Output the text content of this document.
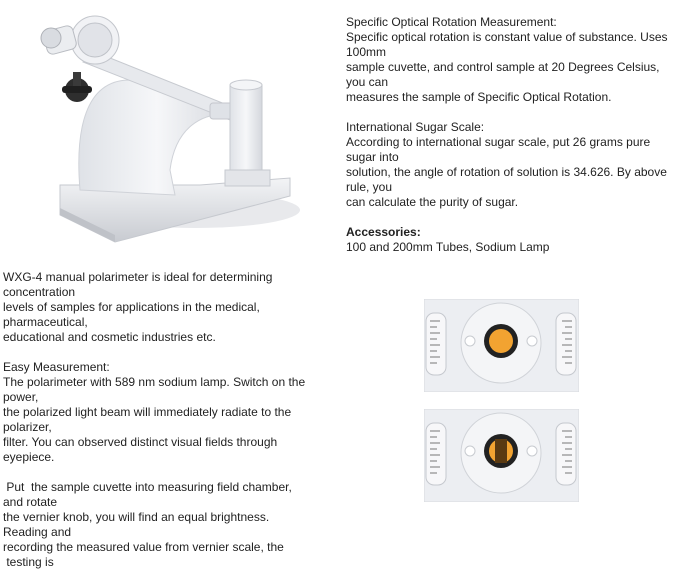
Specific Optical Rotation Measurement:
Specific optical rotation is constant value of substance. Uses
100mm
sample cuvette, and control sample at 20 Degrees Celsius,
you can
measures the sample of Specific Optical Rotation.

International Sugar Scale:
According to international sugar scale, put 26 grams pure
sugar into
solution, the angle of rotation of solution is 34.626. By above
rule, you
can calculate the purity of sugar.

Accessories:
100 and 200mm Tubes, Sodium Lamp

WXG-4 manual polarimeter is ideal for determining
concentration
levels of samples for applications in the medical,
pharmaceutical,
educational and cosmetic industries etc.

Easy Measurement:
The polarimeter with 589 nm sodium lamp. Switch on the
power,
the polarized light beam will immediately radiate to the
polarizer,
filter. You can observed distinct visual fields through
eyepiece.

Put  the sample cuvette into measuring field chamber,
and rotate
the vernier knob, you will find an equal brightness.
Reading and
recording the measured value from vernier scale, the
testing is
